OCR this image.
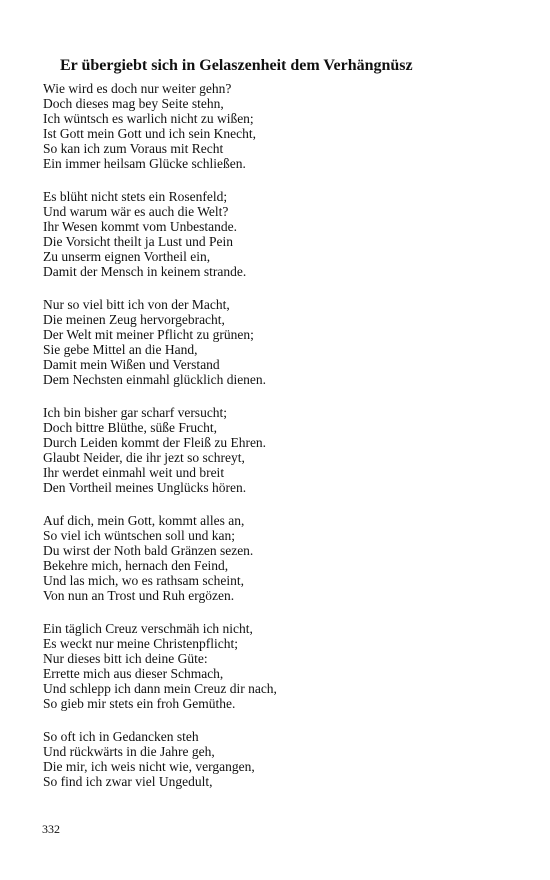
Er übergiebt sich in Gelaszenheit dem Verhängnüsz
Wie wird es doch nur weiter gehn?
Doch dieses mag bey Seite stehn,
Ich wüntsch es warlich nicht zu wißen;
Ist Gott mein Gott und ich sein Knecht,
So kan ich zum Voraus mit Recht
Ein immer heilsam Glücke schließen.
Es blüht nicht stets ein Rosenfeld;
Und warum wär es auch die Welt?
Ihr Wesen kommt vom Unbestande.
Die Vorsicht theilt ja Lust und Pein
Zu unserm eignen Vortheil ein,
Damit der Mensch in keinem strande.
Nur so viel bitt ich von der Macht,
Die meinen Zeug hervorgebracht,
Der Welt mit meiner Pflicht zu grünen;
Sie gebe Mittel an die Hand,
Damit mein Wißen und Verstand
Dem Nechsten einmahl glücklich dienen.
Ich bin bisher gar scharf versucht;
Doch bittre Blüthe, süße Frucht,
Durch Leiden kommt der Fleiß zu Ehren.
Glaubt Neider, die ihr jezt so schreyt,
Ihr werdet einmahl weit und breit
Den Vortheil meines Unglücks hören.
Auf dich, mein Gott, kommt alles an,
So viel ich wüntschen soll und kan;
Du wirst der Noth bald Gränzen sezen.
Bekehre mich, hernach den Feind,
Und las mich, wo es rathsam scheint,
Von nun an Trost und Ruh ergözen.
Ein täglich Creuz verschmäh ich nicht,
Es weckt nur meine Christenpflicht;
Nur dieses bitt ich deine Güte:
Errette mich aus dieser Schmach,
Und schlepp ich dann mein Creuz dir nach,
So gieb mir stets ein froh Gemüthe.
So oft ich in Gedancken steh
Und rückwärts in die Jahre geh,
Die mir, ich weis nicht wie, vergangen,
So find ich zwar viel Ungedult,
332
